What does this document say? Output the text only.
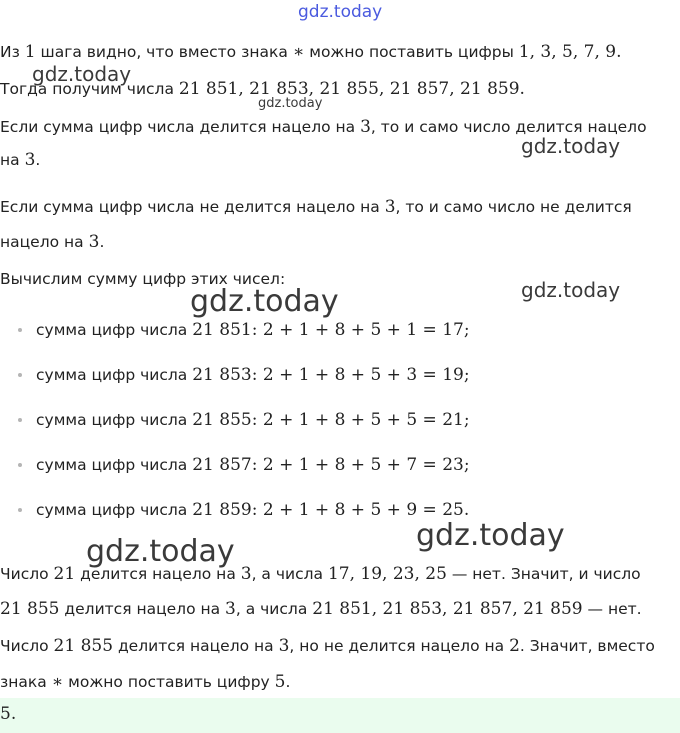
gdz.today
gdz.today
gdz.today
gdz.today
gdz.today
gdz.today
gdz.today
gdz.today
Из 1 шага видно, что вместо знака ∗ можно поставить цифры 1, 3, 5, 7, 9.
Тогда получим числа 21 851, 21 853, 21 855, 21 857, 21 859.
Если сумма цифр числа делится нацело на 3, то и само число делится нацело
на 3.
Если сумма цифр числа не делится нацело на 3, то и само число не делится
нацело на 3.
Вычислим сумму цифр этих чисел:
сумма цифр числа 21 851: 2 + 1 + 8 + 5 + 1 = 17;
сумма цифр числа 21 853: 2 + 1 + 8 + 5 + 3 = 19;
сумма цифр числа 21 855: 2 + 1 + 8 + 5 + 5 = 21;
сумма цифр числа 21 857: 2 + 1 + 8 + 5 + 7 = 23;
сумма цифр числа 21 859: 2 + 1 + 8 + 5 + 9 = 25.
Число 21 делится нацело на 3, а числа 17, 19, 23, 25 — нет. Значит, и число
21 855 делится нацело на 3, а числа 21 851, 21 853, 21 857, 21 859 — нет.
Число 21 855 делится нацело на 3, но не делится нацело на 2. Значит, вместо
знака ∗ можно поставить цифру 5.
5.
